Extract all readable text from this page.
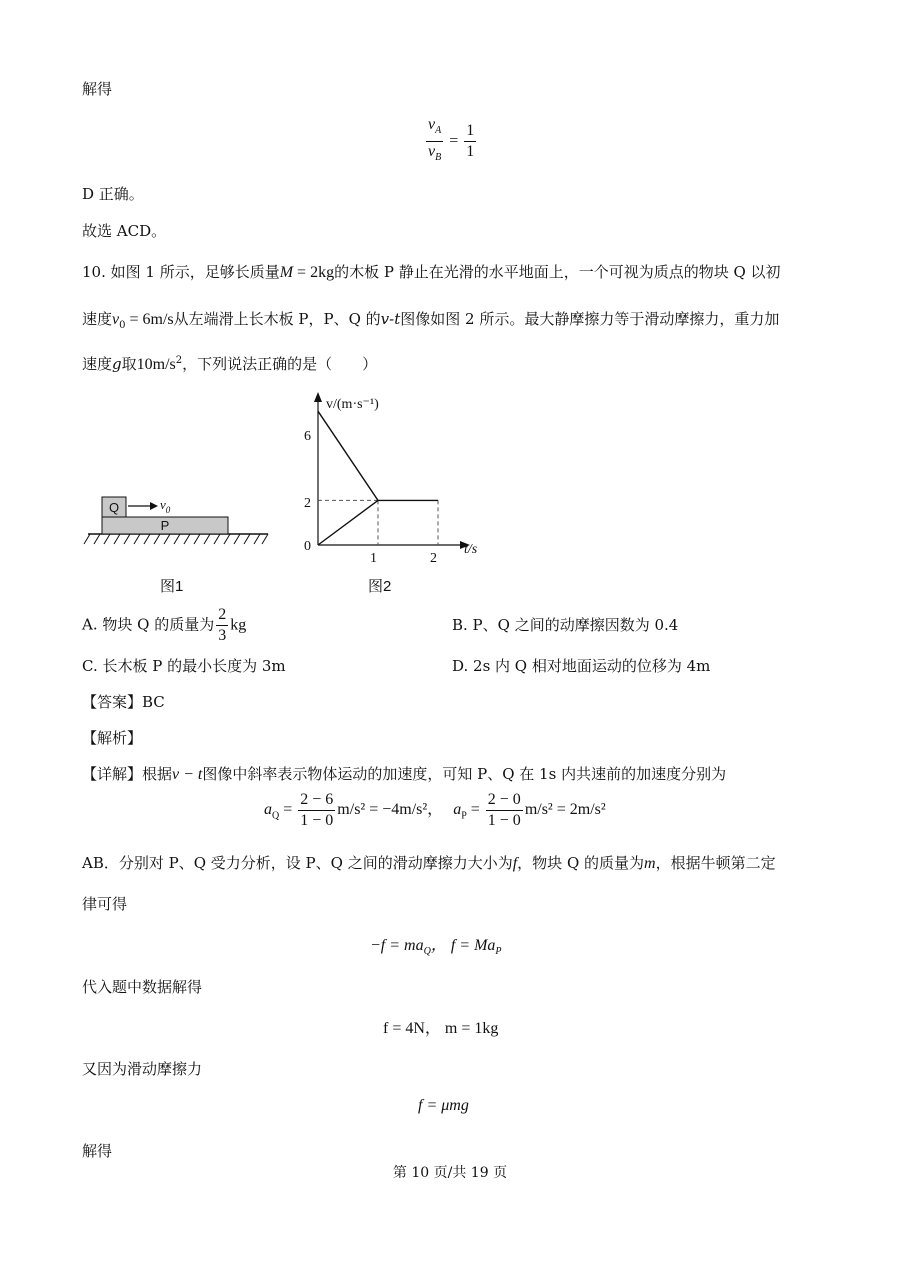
解得
$\frac{v_A}{v_B} = \frac{1}{1}$
D 正确。
故选 ACD。
10. 如图 1 所示，足够长质量M = 2kg的木板 P 静止在光滑的水平地面上，一个可视为质点的物块 Q 以初
速度$v_0 = 6m/s$从左端滑上长木板 P，P、Q 的v-t图像如图 2 所示。最大静摩擦力等于滑动摩擦力，重力加
速度g取$10m/s^2$，下列说法正确的是（　　）
P
Q	$v_0$
图1
v/(m·s⁻¹)
t/s
6
2
0
1	2
图2
A. 物块 Q 的质量为 $\frac{2}{3}$ kg	B. P、Q 之间的动摩擦因数为 0.4
C. 长木板 P 的最小长度为 3m	D. 2s 内 Q 相对地面运动的位移为 4m
【答案】BC
【解析】
【详解】根据v − t图像中斜率表示物体运动的加速度，可知 P、Q 在 1s 内共速前的加速度分别为
$a_Q = \frac{2 - 6}{1 - 0} m/s^2 = -4m/s^2$， $a_P = \frac{2 - 0}{1 - 0} m/s^2 = 2m/s^2$
AB．分别对 P、Q 受力分析，设 P、Q 之间的滑动摩擦力大小为f，物块 Q 的质量为m，根据牛顿第二定
律可得
$-f = ma_Q$， $f = Ma_P$
代入题中数据解得
f = 4N， m = 1kg
又因为滑动摩擦力
f = μmg
解得
第 10 页/共 19 页
